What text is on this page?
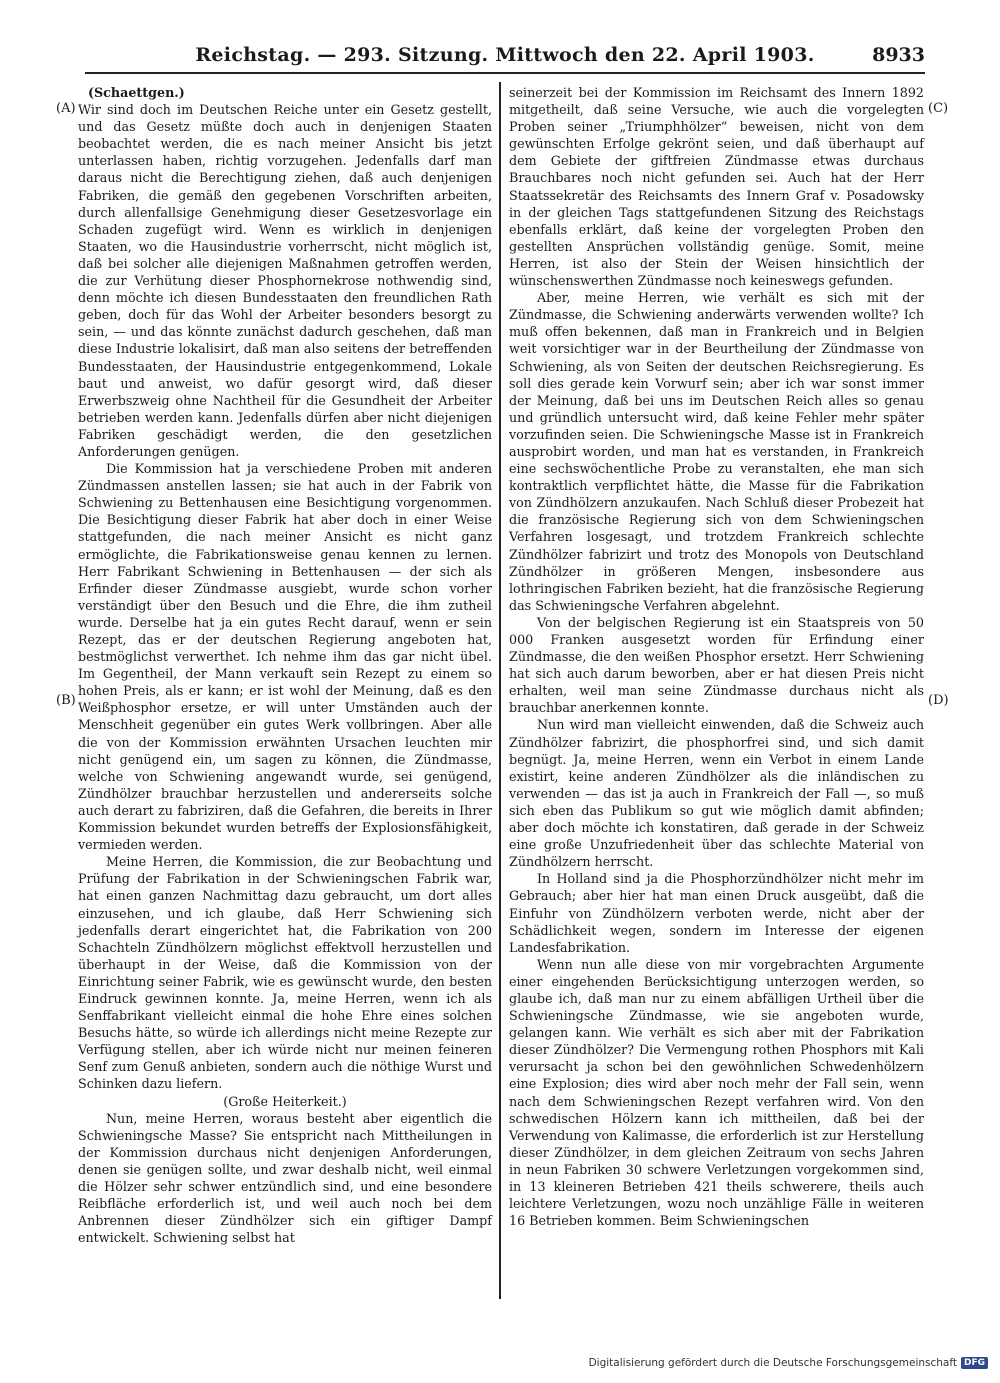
Reichstag. — 293. Sitzung. Mittwoch den 22. April 1903.	8933
(A)
(B)
(C)
(D)
(Schaettgen.)

Wir sind doch im Deutschen Reiche unter ein Gesetz gestellt, und das Gesetz müßte doch auch in denjenigen Staaten beobachtet werden, die es nach meiner Ansicht bis jetzt unterlassen haben, richtig vorzugehen. Jedenfalls darf man daraus nicht die Berechtigung ziehen, daß auch denjenigen Fabriken, die gemäß den gegebenen Vorschriften arbeiten, durch allenfallsige Genehmigung dieser Gesetzesvorlage ein Schaden zugefügt wird. Wenn es wirklich in denjenigen Staaten, wo die Hausindustrie vorherrscht, nicht möglich ist, daß bei solcher alle diejenigen Maßnahmen getroffen werden, die zur Verhütung dieser Phosphornekrose nothwendig sind, denn möchte ich diesen Bundesstaaten den freundlichen Rath geben, doch für das Wohl der Arbeiter besonders besorgt zu sein, — und das könnte zunächst dadurch geschehen, daß man diese Industrie lokalisirt, daß man also seitens der betreffenden Bundesstaaten, der Hausindustrie entgegenkommend, Lokale baut und anweist, wo dafür gesorgt wird, daß dieser Erwerbszweig ohne Nachtheil für die Gesundheit der Arbeiter betrieben werden kann. Jedenfalls dürfen aber nicht diejenigen Fabriken geschädigt werden, die den gesetzlichen Anforderungen genügen.

Die Kommission hat ja verschiedene Proben mit anderen Zündmassen anstellen lassen; sie hat auch in der Fabrik von Schwiening zu Bettenhausen eine Besichtigung vorgenommen. Die Besichtigung dieser Fabrik hat aber doch in einer Weise stattgefunden, die nach meiner Ansicht es nicht ganz ermöglichte, die Fabrikationsweise genau kennen zu lernen. Herr Fabrikant Schwiening in Bettenhausen — der sich als Erfinder dieser Zündmasse ausgiebt, wurde schon vorher verständigt über den Besuch und die Ehre, die ihm zutheil wurde. Derselbe hat ja ein gutes Recht darauf, wenn er sein Rezept, das er der deutschen Regierung angeboten hat, bestmöglichst verwerthet. Ich nehme ihm das gar nicht übel. Im Gegentheil, der Mann verkauft sein Rezept zu einem so hohen Preis, als er kann; er ist wohl der Meinung, daß es den Weißphosphor ersetze, er will unter Umständen auch der Menschheit gegenüber ein gutes Werk vollbringen. Aber alle die von der Kommission erwähnten Ursachen leuchten mir nicht genügend ein, um sagen zu können, die Zündmasse, welche von Schwiening angewandt wurde, sei genügend, Zündhölzer brauchbar herzustellen und andererseits solche auch derart zu fabriziren, daß die Gefahren, die bereits in Ihrer Kommission bekundet wurden betreffs der Explosionsfähigkeit, vermieden werden.

Meine Herren, die Kommission, die zur Beobachtung und Prüfung der Fabrikation in der Schwieningschen Fabrik war, hat einen ganzen Nachmittag dazu gebraucht, um dort alles einzusehen, und ich glaube, daß Herr Schwiening sich jedenfalls derart eingerichtet hat, die Fabrikation von 200 Schachteln Zündhölzern möglichst effektvoll herzustellen und überhaupt in der Weise, daß die Kommission von der Einrichtung seiner Fabrik, wie es gewünscht wurde, den besten Eindruck gewinnen konnte. Ja, meine Herren, wenn ich als Senffabrikant vielleicht einmal die hohe Ehre eines solchen Besuchs hätte, so würde ich allerdings nicht meine Rezepte zur Verfügung stellen, aber ich würde nicht nur meinen feineren Senf zum Genuß anbieten, sondern auch die nöthige Wurst und Schinken dazu liefern.

(Große Heiterkeit.)

Nun, meine Herren, woraus besteht aber eigentlich die Schwieningsche Masse? Sie entspricht nach Mittheilungen in der Kommission durchaus nicht denjenigen Anforderungen, denen sie genügen sollte, und zwar deshalb nicht, weil einmal die Hölzer sehr schwer entzündlich sind, und eine besondere Reibfläche erforderlich ist, und weil auch noch bei dem Anbrennen dieser Zündhölzer sich ein giftiger Dampf entwickelt. Schwiening selbst hat

seinerzeit bei der Kommission im Reichsamt des Innern 1892 mitgetheilt, daß seine Versuche, wie auch die vorgelegten Proben seiner „Triumphhölzer“ beweisen, nicht von dem gewünschten Erfolge gekrönt seien, und daß überhaupt auf dem Gebiete der giftfreien Zündmasse etwas durchaus Brauchbares noch nicht gefunden sei. Auch hat der Herr Staatssekretär des Reichsamts des Innern Graf v. Posadowsky in der gleichen Tags stattgefundenen Sitzung des Reichstags ebenfalls erklärt, daß keine der vorgelegten Proben den gestellten Ansprüchen vollständig genüge. Somit, meine Herren, ist also der Stein der Weisen hinsichtlich der wünschenswerthen Zündmasse noch keineswegs gefunden.

Aber, meine Herren, wie verhält es sich mit der Zündmasse, die Schwiening anderwärts verwenden wollte? Ich muß offen bekennen, daß man in Frankreich und in Belgien weit vorsichtiger war in der Beurtheilung der Zündmasse von Schwiening, als von Seiten der deutschen Reichsregierung. Es soll dies gerade kein Vorwurf sein; aber ich war sonst immer der Meinung, daß bei uns im Deutschen Reich alles so genau und gründlich untersucht wird, daß keine Fehler mehr später vorzufinden seien. Die Schwieningsche Masse ist in Frankreich ausprobirt worden, und man hat es verstanden, in Frankreich eine sechswöchentliche Probe zu veranstalten, ehe man sich kontraktlich verpflichtet hätte, die Masse für die Fabrikation von Zündhölzern anzukaufen. Nach Schluß dieser Probezeit hat die französische Regierung sich von dem Schwieningschen Verfahren losgesagt, und trotzdem Frankreich schlechte Zündhölzer fabrizirt und trotz des Monopols von Deutschland Zündhölzer in größeren Mengen, insbesondere aus lothringischen Fabriken bezieht, hat die französische Regierung das Schwieningsche Verfahren abgelehnt.

Von der belgischen Regierung ist ein Staatspreis von 50 000 Franken ausgesetzt worden für Erfindung einer Zündmasse, die den weißen Phosphor ersetzt. Herr Schwiening hat sich auch darum beworben, aber er hat diesen Preis nicht erhalten, weil man seine Zündmasse durchaus nicht als brauchbar anerkennen konnte.

Nun wird man vielleicht einwenden, daß die Schweiz auch Zündhölzer fabrizirt, die phosphorfrei sind, und sich damit begnügt. Ja, meine Herren, wenn ein Verbot in einem Lande existirt, keine anderen Zündhölzer als die inländischen zu verwenden — das ist ja auch in Frankreich der Fall —, so muß sich eben das Publikum so gut wie möglich damit abfinden; aber doch möchte ich konstatiren, daß gerade in der Schweiz eine große Unzufriedenheit über das schlechte Material von Zündhölzern herrscht.

In Holland sind ja die Phosphorzündhölzer nicht mehr im Gebrauch; aber hier hat man einen Druck ausgeübt, daß die Einfuhr von Zündhölzern verboten werde, nicht aber der Schädlichkeit wegen, sondern im Interesse der eigenen Landesfabrikation.

Wenn nun alle diese von mir vorgebrachten Argumente einer eingehenden Berücksichtigung unterzogen werden, so glaube ich, daß man nur zu einem abfälligen Urtheil über die Schwieningsche Zündmasse, wie sie angeboten wurde, gelangen kann. Wie verhält es sich aber mit der Fabrikation dieser Zündhölzer? Die Vermengung rothen Phosphors mit Kali verursacht ja schon bei den gewöhnlichen Schwedenhölzern eine Explosion; dies wird aber noch mehr der Fall sein, wenn nach dem Schwieningschen Rezept verfahren wird. Von den schwedischen Hölzern kann ich mittheilen, daß bei der Verwendung von Kalimasse, die erforderlich ist zur Herstellung dieser Zündhölzer, in dem gleichen Zeitraum von sechs Jahren in neun Fabriken 30 schwere Verletzungen vorgekommen sind, in 13 kleineren Betrieben 421 theils schwerere, theils auch leichtere Verletzungen, wozu noch unzählige Fälle in weiteren 16 Betrieben kommen. Beim Schwieningschen

Digitalisierung gefördert durch die Deutsche Forschungsgemeinschaft DFG
